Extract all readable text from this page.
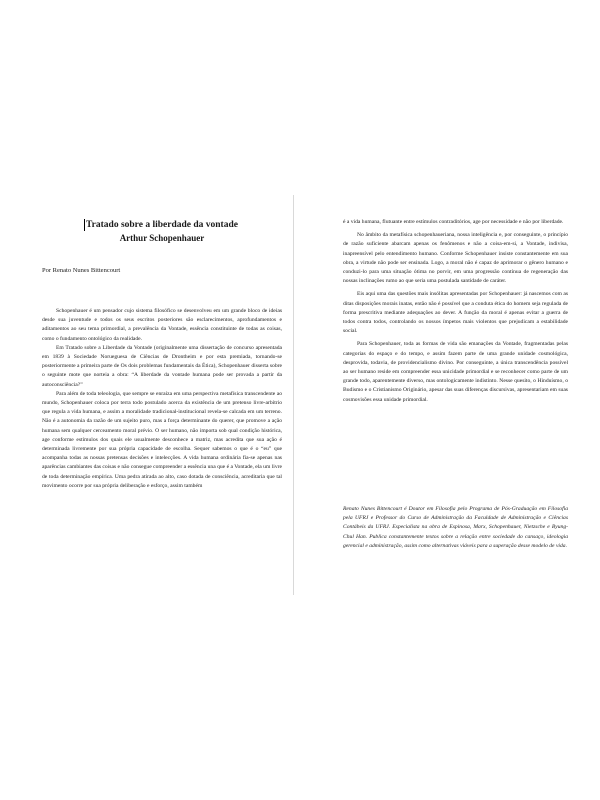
Tratado sobre a liberdade da vontade
Arthur Schopenhauer
Por Renato Nunes Bittencourt

Schopenhauer é um pensador cujo sistema filosófico se desenvolveu em um grande bloco de ideias desde sua juventude e todos os seus escritos posteriores são esclarecimentos, aprofundamentos e aditamentos ao seu tema primordial, a prevalência da Vontade, essência constituinte de todas as coisas, como o fundamento ontológico da realidade.

Em Tratado sobre a Liberdade da Vontade (originalmente uma dissertação de concurso apresentada em 1839 à Sociedade Norueguesa de Ciências de Drontheim e por esta premiada, tornando-se posteriormente a primeira parte de Os dois problemas fundamentais da Ética), Schopenhauer disserta sobre o seguinte mote que norteia a obra: “A liberdade da vontade humana pode ser provada a partir da autoconsciência?”

Para além de toda teleologia, que sempre se enraíza em uma perspectiva metafísica transcendente ao mundo, Schopenhauer coloca por terra todo postulado acerca da existência de um pretenso livre-arbítrio que regula a vida humana, e assim a moralidade tradicional-institucional revela-se calcada em um terreno. Não é a autonomia da razão de um sujeito puro, mas a força determinante do querer, que promove a ação humana sem qualquer cerceamento moral prévio. O ser humano, não importa sob qual condição histórica, age conforme estímulos dos quais ele usualmente desconhece a matriz, mas acredita que sua ação é determinada livremente por sua própria capacidade de escolha. Sequer sabemos o que é o “eu” que acompanha todas as nossas pretensas decisões e intelecções. A vida humana ordinária fia-se apenas nas aparências cambiantes das coisas e não consegue compreender a essência una que é a Vontade, ela um livre de toda determinação empírica. Uma pedra atirada ao alto, caso dotada de consciência, acreditaria que tal movimento ocorre por sua própria deliberação e esforço, assim também

é a vida humana, flutuante entre estímulos contraditórios, age por necessidade e não por liberdade.

No âmbito da metafísica schopenhaueriana, nossa inteligência e, por conseguinte, o princípio de razão suficiente abarcam apenas os fenômenos e não a coisa-em-si, a Vontade, indivisa, inapreensível pelo entendimento humano. Conforme Schopenhauer insiste constantemente em sua obra, a virtude não pode ser ensinada. Logo, a moral não é capaz de aprimorar o gênero humano e conduzi-lo para uma situação ótima no porvir, em uma progressão contínua de regeneração das nossas inclinações rumo ao que seria uma postulada santidade de caráter.

Eis aqui uma das questões mais insólitas apresentadas por Schopenhauer: já nascemos com as ditas disposições morais inatas, então não é possível que a conduta ética do homem seja regulada de forma prescritiva mediante adequações ao dever. A função da moral é apenas evitar a guerra de todos contra todos, controlando os nossos ímpetos mais violentos que prejudicam a estabilidade social.

Para Schopenhauer, toda as formas de vida são emanações da Vontade, fragmentadas pelas categorias do espaço e do tempo, e assim fazem parte de uma grande unidade cosmológica, desprovida, todavia, de providencialismo divino. Por conseguinte, a única transcendência possível ao ser humano reside em compreender essa unicidade primordial e se reconhecer como parte de um grande todo, aparentemente diverso, mas ontologicamente indistinto. Nesse quesito, o Hinduísmo, o Budismo e o Cristianismo Originário, apesar das suas diferenças discursivas, apresentariam em suas cosmovisões essa unidade primordial.

Renato Nunes Bittencourt é Doutor em Filosofia pelo Programa de Pós-Graduação em Filosofia pela UFRJ e Professor do Curso de Administração da Faculdade de Administração e Ciências Contábeis da UFRJ. Especialista na obra de Espinosa, Marx, Schopenhauer, Nietzsche e Byung-Chul Han. Publica constantemente textos sobre a relação entre sociedade do cansaço, ideologia gerencial e administração, assim como alternativas viáveis para a superação desse modelo de vida.
